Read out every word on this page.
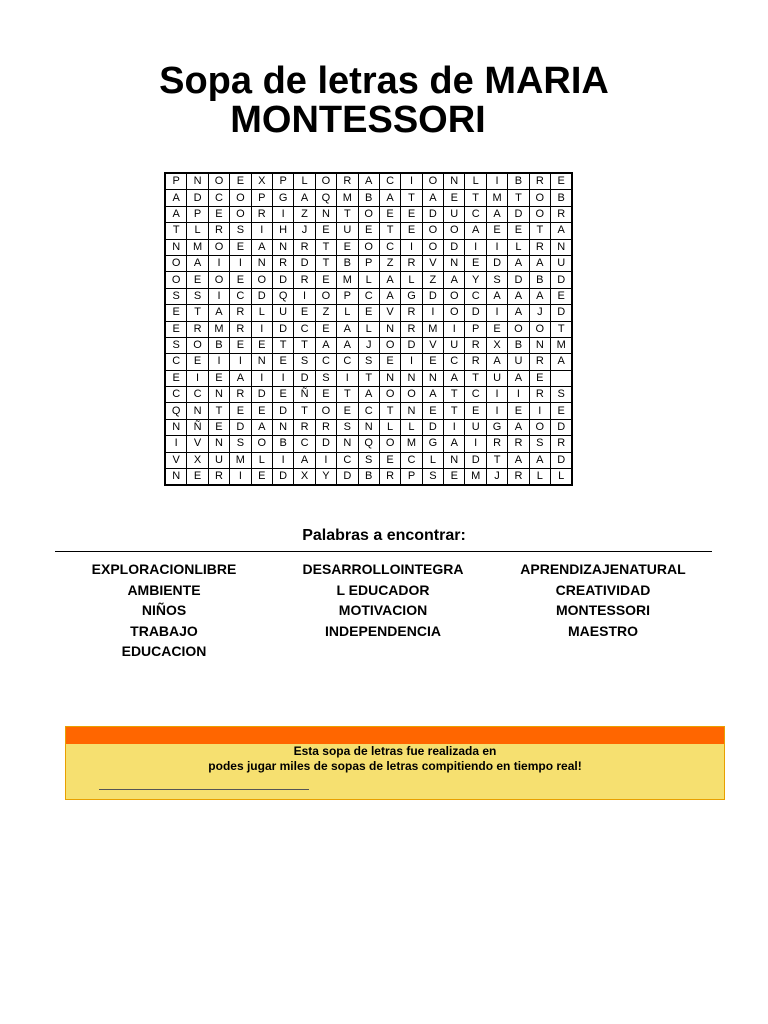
Sopa de letras de MARIA
MONTESSORI
P	N	O	E	X	P	L	O	R	A	C	I	O	N	L	I	B	R	E
A	D	C	O	P	G	A	Q	M	B	A	T	A	E	T	M	T	O	B
A	P	E	O	R	I	Z	N	T	O	E	E	D	U	C	A	D	O	R
T	L	R	S	I	H	J	E	U	E	T	E	O	O	A	E	E	T	A
N	M	O	E	A	N	R	T	E	O	C	I	O	D	I	I	L	R	N
O	A	I	I	N	R	D	T	B	P	Z	R	V	N	E	D	A	A	U
O	E	O	E	O	D	R	E	M	L	A	L	Z	A	Y	S	D	B	D
S	S	I	C	D	Q	I	O	P	C	A	G	D	O	C	A	A	A	E
E	T	A	R	L	U	E	Z	L	E	V	R	I	O	D	I	A	J	D
E	R	M	R	I	D	C	E	A	L	N	R	M	I	P	E	O	O	T
S	O	B	E	E	T	T	A	A	J	O	D	V	U	R	X	B	N	M
C	E	I	I	N	E	S	C	C	S	E	I	E	C	R	A	U	R	A
E	I	E	A	I	I	D	S	I	T	N	N	N	A	T	U	A	E	
C	C	N	R	D	E	Ñ	E	T	A	O	O	A	T	C	I	I	R	S
Q	N	T	E	E	D	T	O	E	C	T	N	E	T	E	I	E	I	E
N	Ñ	E	D	A	N	R	R	S	N	L	L	D	I	U	G	A	O	D
I	V	N	S	O	B	C	D	N	Q	O	M	G	A	I	R	R	S	R
V	X	U	M	L	I	A	I	C	S	E	C	L	N	D	T	A	A	D
N	E	R	I	E	D	X	Y	D	B	R	P	S	E	M	J	R	L	L
Palabras a encontrar:
EXPLORACIONLIBRE
AMBIENTE
NIÑOS
TRABAJO
EDUCACION
DESARROLLOINTEGRA
L EDUCADOR
MOTIVACION
INDEPENDENCIA
APRENDIZAJENATURAL
CREATIVIDAD
MONTESSORI
MAESTRO
Esta sopa de letras fue realizada en
podes jugar miles de sopas de letras compitiendo en tiempo real!
